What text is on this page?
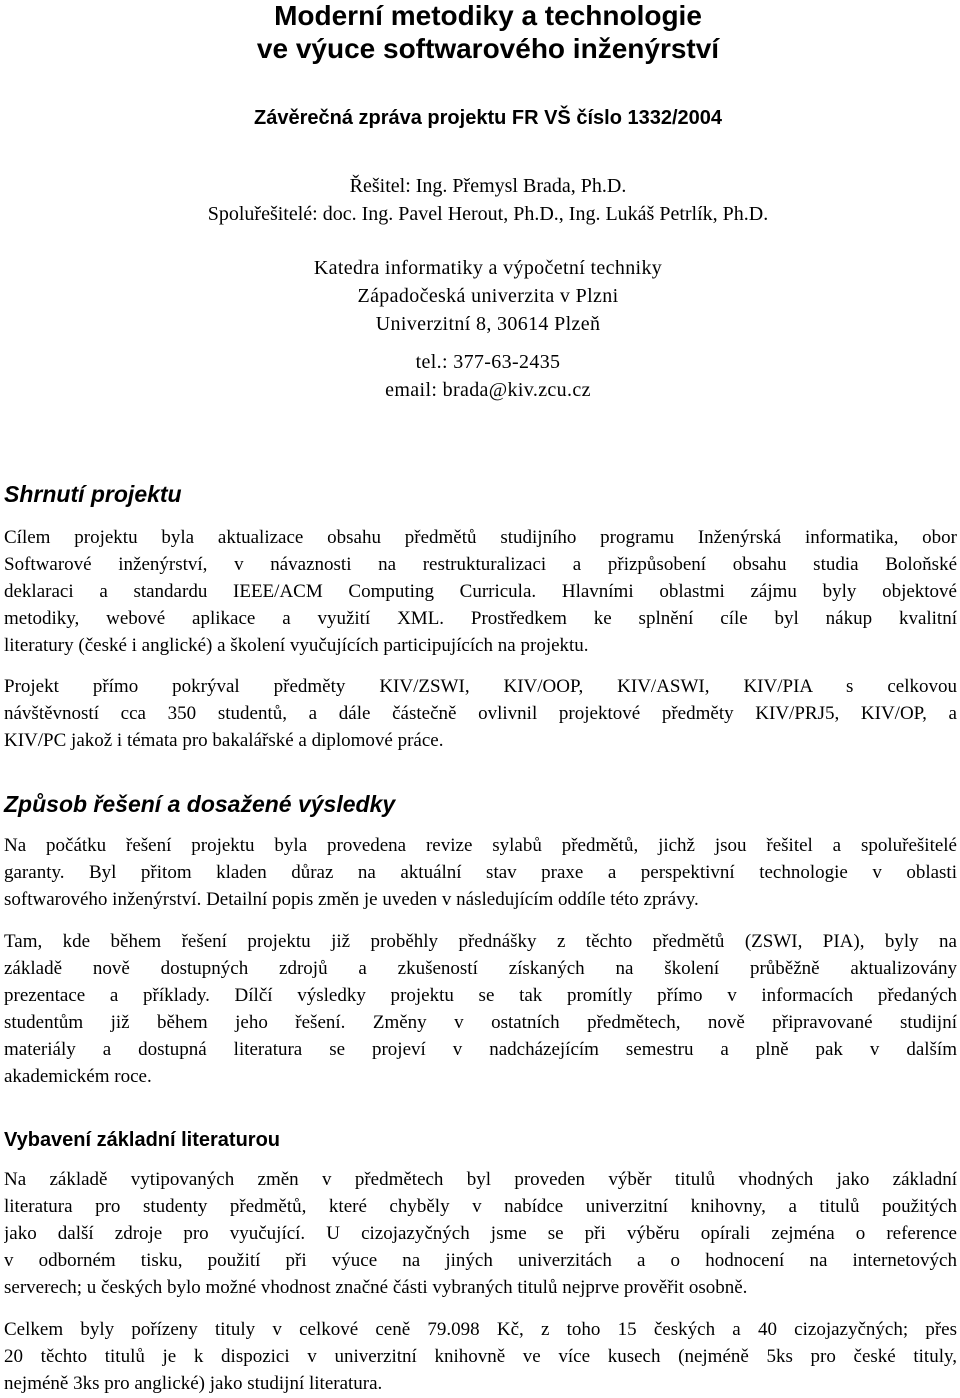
Moderní metodiky a technologie
ve výuce softwarového inženýrství
Závěrečná zpráva projektu FR VŠ číslo 1332/2004
Řešitel: Ing. Přemysl Brada, Ph.D.
Spoluřešitelé: doc. Ing. Pavel Herout, Ph.D., Ing. Lukáš Petrlík, Ph.D.
Katedra informatiky a výpočetní techniky
Západočeská univerzita v Plzni
Univerzitní 8, 30614 Plzeň
tel.: 377-63-2435
email: brada@kiv.zcu.cz
Shrnutí projektu
Cílem projektu byla aktualizace obsahu předmětů studijního programu Inženýrská informatika, obor
Softwarové inženýrství, v návaznosti na restrukturalizaci a přizpůsobení obsahu studia Boloňské
deklaraci a standardu IEEE/ACM Computing Curricula. Hlavními oblastmi zájmu byly objektové
metodiky, webové aplikace a využití XML. Prostředkem ke splnění cíle byl nákup kvalitní
literatury (české i anglické) a školení vyučujících participujících na projektu.
Projekt přímo pokrýval předměty KIV/ZSWI, KIV/OOP, KIV/ASWI, KIV/PIA s celkovou
návštěvností cca 350 studentů, a dále částečně ovlivnil projektové předměty KIV/PRJ5, KIV/OP, a
KIV/PC jakož i témata pro bakalářské a diplomové práce.
Způsob řešení a dosažené výsledky
Na počátku řešení projektu byla provedena revize sylabů předmětů, jichž jsou řešitel a spoluřešitelé
garanty. Byl přitom kladen důraz na aktuální stav praxe a perspektivní technologie v oblasti
softwarového inženýrství. Detailní popis změn je uveden v následujícím oddíle této zprávy.
Tam, kde během řešení projektu již proběhly přednášky z těchto předmětů (ZSWI, PIA), byly na
základě nově dostupných zdrojů a zkušeností získaných na školení průběžně aktualizovány
prezentace a příklady. Dílčí výsledky projektu se tak promítly přímo v informacích předaných
studentům již během jeho řešení. Změny v ostatních předmětech, nově připravované studijní
materiály a dostupná literatura se projeví v nadcházejícím semestru a plně pak v dalším
akademickém roce.
Vybavení základní literaturou
Na základě vytipovaných změn v předmětech byl proveden výběr titulů vhodných jako základní
literatura pro studenty předmětů, které chyběly v nabídce univerzitní knihovny, a titulů použitých
jako další zdroje pro vyučující. U cizojazyčných jsme se při výběru opírali zejména o reference
v odborném tisku, použití při výuce na jiných univerzitách a o hodnocení na internetových
serverech; u českých bylo možné vhodnost značné části vybraných titulů nejprve prověřit osobně.
Celkem byly pořízeny tituly v celkové ceně 79.098 Kč, z toho 15 českých a 40 cizojazyčných; přes
20 těchto titulů je k dispozici v univerzitní knihovně ve více kusech (nejméně 5ks pro české tituly,
nejméně 3ks pro anglické) jako studijní literatura.
